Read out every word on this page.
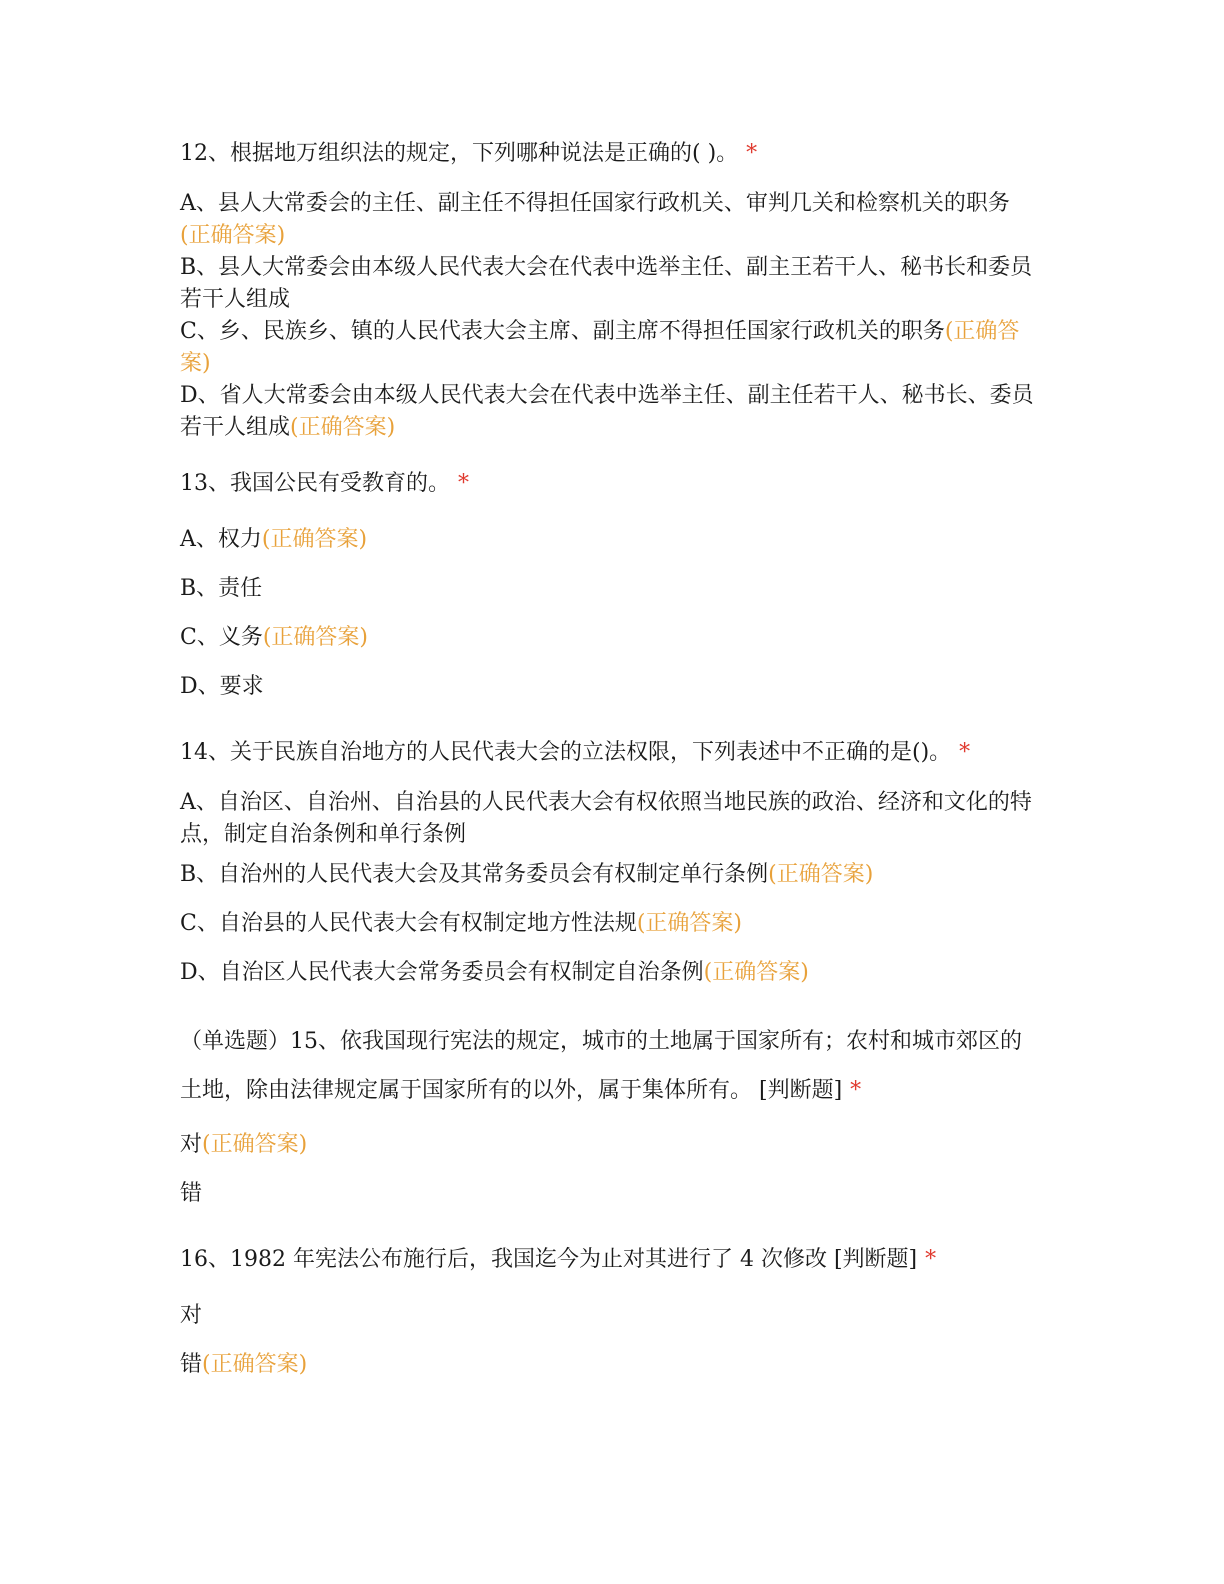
12、根据地万组织法的规定，下列哪种说法是正确的( )。 *
A、县人大常委会的主任、副主任不得担任国家行政机关、审判几关和检察机关的职务(正确答案)
B、县人大常委会由本级人民代表大会在代表中选举主任、副主王若干人、秘书长和委员若干人组成
C、乡、民族乡、镇的人民代表大会主席、副主席不得担任国家行政机关的职务(正确答案)
D、省人大常委会由本级人民代表大会在代表中选举主任、副主任若干人、秘书长、委员若干人组成(正确答案)
13、我国公民有受教育的。 *
A、权力(正确答案)
B、责任
C、义务(正确答案)
D、要求
14、关于民族自治地方的人民代表大会的立法权限，下列表述中不正确的是()。 *
A、自治区、自治州、自治县的人民代表大会有权依照当地民族的政治、经济和文化的特点，制定自治条例和单行条例
B、自治州的人民代表大会及其常务委员会有权制定单行条例(正确答案)
C、自治县的人民代表大会有权制定地方性法规(正确答案)
D、自治区人民代表大会常务委员会有权制定自治条例(正确答案)
（单选题）15、依我国现行宪法的规定，城市的土地属于国家所有；农村和城市郊区的土地，除由法律规定属于国家所有的以外，属于集体所有。 [判断题] *
对(正确答案)
错
16、1982 年宪法公布施行后，我国迄今为止对其进行了 4 次修改 [判断题] *
对
错(正确答案)
